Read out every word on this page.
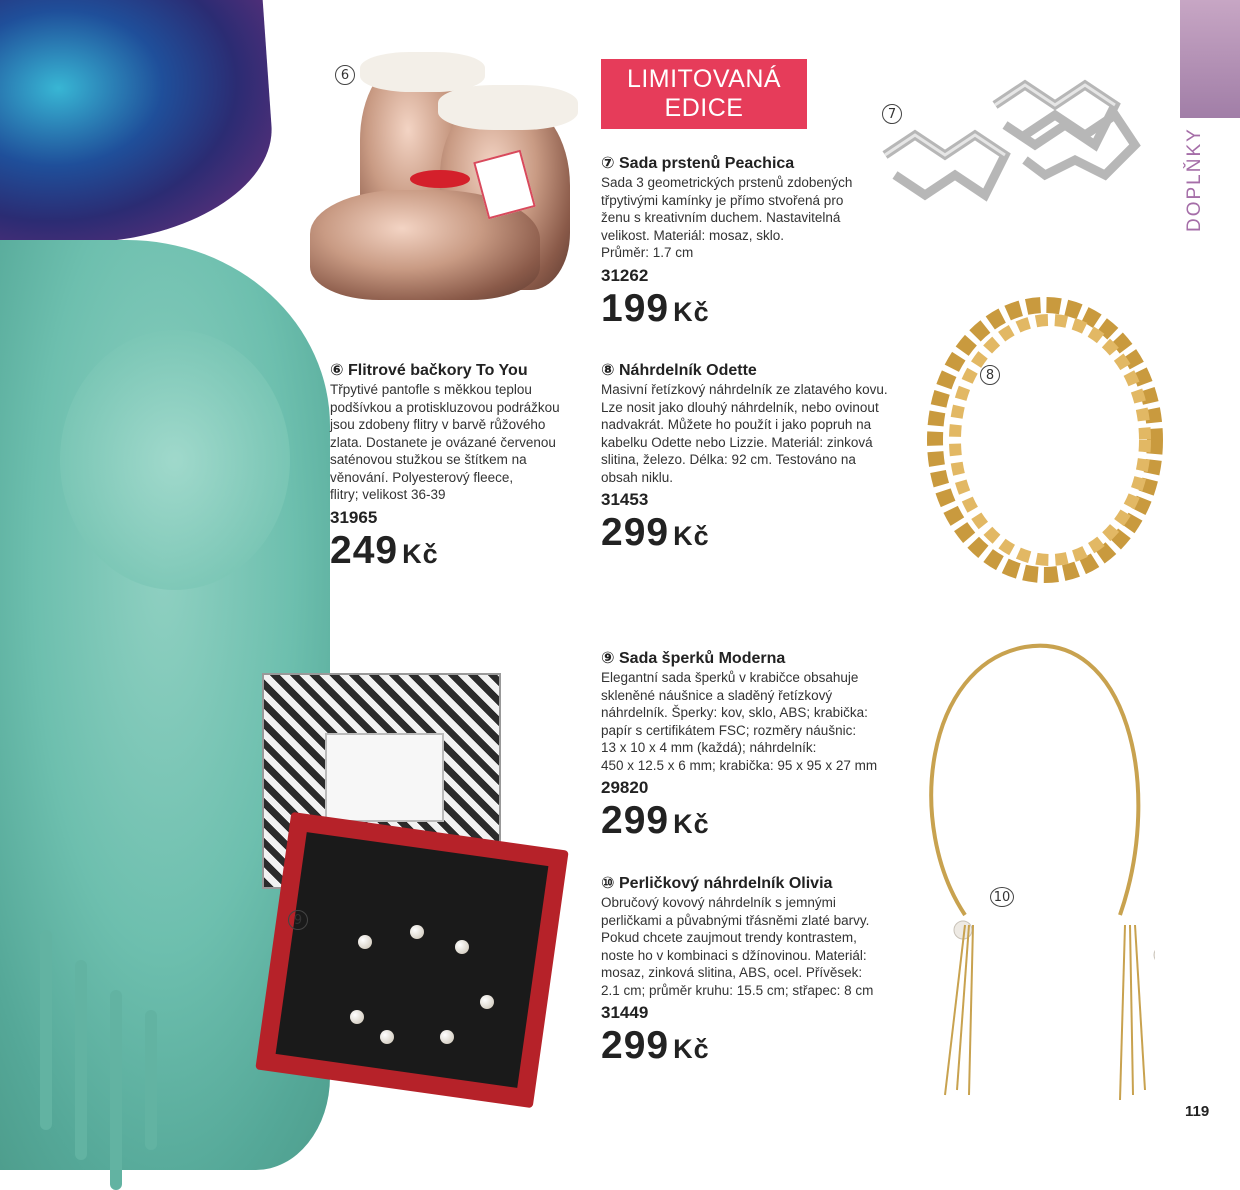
6
7
8
9
10
DOPLŇKY
LIMITOVANÁ
EDICE
⑥ Flitrové bačkory To You
Třpytivé pantofle s měkkou teplou
podšívkou a protiskluzovou podrážkou
jsou zdobeny flitry v barvě růžového
zlata. Dostanete je ovázané červenou
saténovou stužkou se štítkem na
věnování. Polyesterový fleece,
flitry; velikost 36-39
31965
249 Kč
⑦ Sada prstenů Peachica
Sada 3 geometrických prstenů zdobených
třpytivými kamínky je přímo stvořená pro
ženu s kreativním duchem. Nastavitelná
velikost. Materiál: mosaz, sklo.
Průměr: 1.7 cm
31262
199 Kč
⑧ Náhrdelník Odette
Masivní řetízkový náhrdelník ze zlatavého kovu.
Lze nosit jako dlouhý náhrdelník, nebo ovinout
nadvakrát. Můžete ho použít i jako popruh na
kabelku Odette nebo Lizzie. Materiál: zinková
slitina, železo. Délka: 92 cm. Testováno na
obsah niklu.
31453
299 Kč
⑨ Sada šperků Moderna
Elegantní sada šperků v krabičce obsahuje
skleněné náušnice a sladěný řetízkový
náhrdelník. Šperky: kov, sklo, ABS; krabička:
papír s certifikátem FSC; rozměry náušnic:
13 x 10 x 4 mm (každá); náhrdelník:
450 x 12.5 x 6 mm; krabička: 95 x 95 x 27 mm
29820
299 Kč
⑩ Perličkový náhrdelník Olivia
Obručový kovový náhrdelník s jemnými
perličkami a půvabnými třásněmi zlaté barvy.
Pokud chcete zaujmout trendy kontrastem,
noste ho v kombinaci s džínovinou. Materiál:
mosaz, zinková slitina, ABS, ocel. Přívěsek:
2.1 cm; průměr kruhu: 15.5 cm; střapec: 8 cm
31449
299 Kč
119
